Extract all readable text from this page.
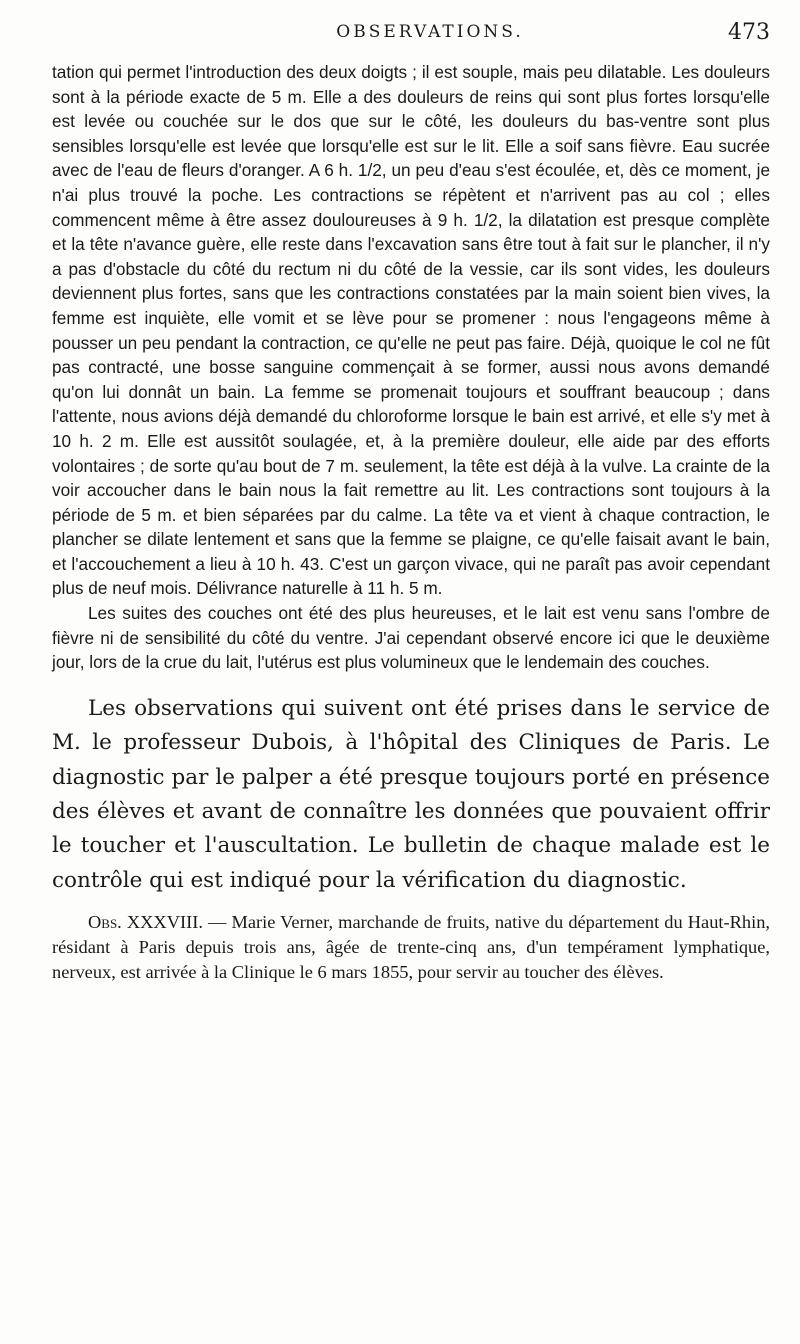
OBSERVATIONS.	473

tation qui permet l'introduction des deux doigts ; il est souple, mais peu dilatable. Les douleurs sont à la période exacte de 5 m. Elle a des douleurs de reins qui sont plus fortes lorsqu'elle est levée ou couchée sur le dos que sur le côté, les douleurs du bas-ventre sont plus sensibles lorsqu'elle est levée que lorsqu'elle est sur le lit. Elle a soif sans fièvre. Eau sucrée avec de l'eau de fleurs d'oranger. A 6 h. 1/2, un peu d'eau s'est écoulée, et, dès ce moment, je n'ai plus trouvé la poche. Les contractions se répètent et n'arrivent pas au col ; elles commencent même à être assez douloureuses à 9 h. 1/2, la dilatation est presque complète et la tête n'avance guère, elle reste dans l'excavation sans être tout à fait sur le plancher, il n'y a pas d'obstacle du côté du rectum ni du côté de la vessie, car ils sont vides, les douleurs deviennent plus fortes, sans que les contractions constatées par la main soient bien vives, la femme est inquiète, elle vomit et se lève pour se promener : nous l'engageons même à pousser un peu pendant la contraction, ce qu'elle ne peut pas faire. Déjà, quoique le col ne fût pas contracté, une bosse sanguine commençait à se former, aussi nous avons demandé qu'on lui donnât un bain. La femme se promenait toujours et souffrant beaucoup ; dans l'attente, nous avions déjà demandé du chloroforme lorsque le bain est arrivé, et elle s'y met à 10 h. 2 m. Elle est aussitôt soulagée, et, à la première douleur, elle aide par des efforts volontaires ; de sorte qu'au bout de 7 m. seulement, la tête est déjà à la vulve. La crainte de la voir accoucher dans le bain nous la fait remettre au lit. Les contractions sont toujours à la période de 5 m. et bien séparées par du calme. La tête va et vient à chaque contraction, le plancher se dilate lentement et sans que la femme se plaigne, ce qu'elle faisait avant le bain, et l'accouchement a lieu à 10 h. 43. C'est un garçon vivace, qui ne paraît pas avoir cependant plus de neuf mois. Délivrance naturelle à 11 h. 5 m.

Les suites des couches ont été des plus heureuses, et le lait est venu sans l'ombre de fièvre ni de sensibilité du côté du ventre. J'ai cependant observé encore ici que le deuxième jour, lors de la crue du lait, l'utérus est plus volumineux que le lendemain des couches.

Les observations qui suivent ont été prises dans le service de M. le professeur Dubois, à l'hôpital des Cliniques de Paris. Le diagnostic par le palper a été presque toujours porté en présence des élèves et avant de connaître les données que pouvaient offrir le toucher et l'auscultation. Le bulletin de chaque malade est le contrôle qui est indiqué pour la vérification du diagnostic.

Obs. XXXVIII. — Marie Verner, marchande de fruits, native du département du Haut-Rhin, résidant à Paris depuis trois ans, âgée de trente-cinq ans, d'un tempérament lymphatique, nerveux, est arrivée à la Clinique le 6 mars 1855, pour servir au toucher des élèves.
